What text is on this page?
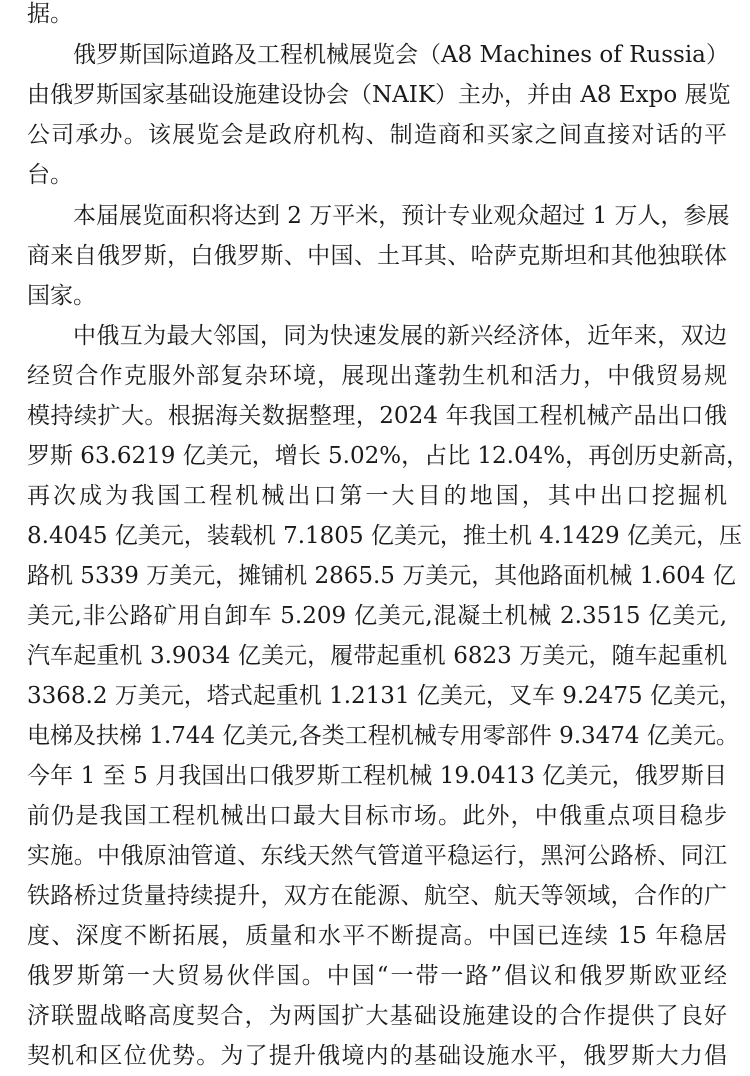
据。
俄罗斯国际道路及工程机械展览会（A8 Machines of Russia）
由俄罗斯国家基础设施建设协会（NAIK）主办，并由 A8 Expo 展览
公司承办。该展览会是政府机构、制造商和买家之间直接对话的平
台。
本届展览面积将达到 2 万平米，预计专业观众超过 1 万人，参展
商来自俄罗斯，白俄罗斯、中国、土耳其、哈萨克斯坦和其他独联体
国家。
中俄互为最大邻国，同为快速发展的新兴经济体，近年来，双边
经贸合作克服外部复杂环境，展现出蓬勃生机和活力，中俄贸易规
模持续扩大。根据海关数据整理，2024 年我国工程机械产品出口俄
罗斯 63.6219 亿美元，增长 5.02%，占比 12.04%，再创历史新高，
再次成为我国工程机械出口第一大目的地国，其中出口挖掘机
8.4045 亿美元，装载机 7.1805 亿美元，推土机 4.1429 亿美元，压
路机 5339 万美元，摊铺机 2865.5 万美元，其他路面机械 1.604 亿
美元,非公路矿用自卸车 5.209 亿美元,混凝土机械 2.3515 亿美元,
汽车起重机 3.9034 亿美元，履带起重机 6823 万美元，随车起重机
3368.2 万美元，塔式起重机 1.2131 亿美元，叉车 9.2475 亿美元，
电梯及扶梯 1.744 亿美元,各类工程机械专用零部件 9.3474 亿美元。
今年 1 至 5 月我国出口俄罗斯工程机械 19.0413 亿美元，俄罗斯目
前仍是我国工程机械出口最大目标市场。此外，中俄重点项目稳步
实施。中俄原油管道、东线天然气管道平稳运行，黑河公路桥、同江
铁路桥过货量持续提升，双方在能源、航空、航天等领域，合作的广
度、深度不断拓展，质量和水平不断提高。中国已连续 15 年稳居
俄罗斯第一大贸易伙伴国。中国“一带一路”倡议和俄罗斯欧亚经
济联盟战略高度契合，为两国扩大基础设施建设的合作提供了良好
契机和区位优势。为了提升俄境内的基础设施水平，俄罗斯大力倡
